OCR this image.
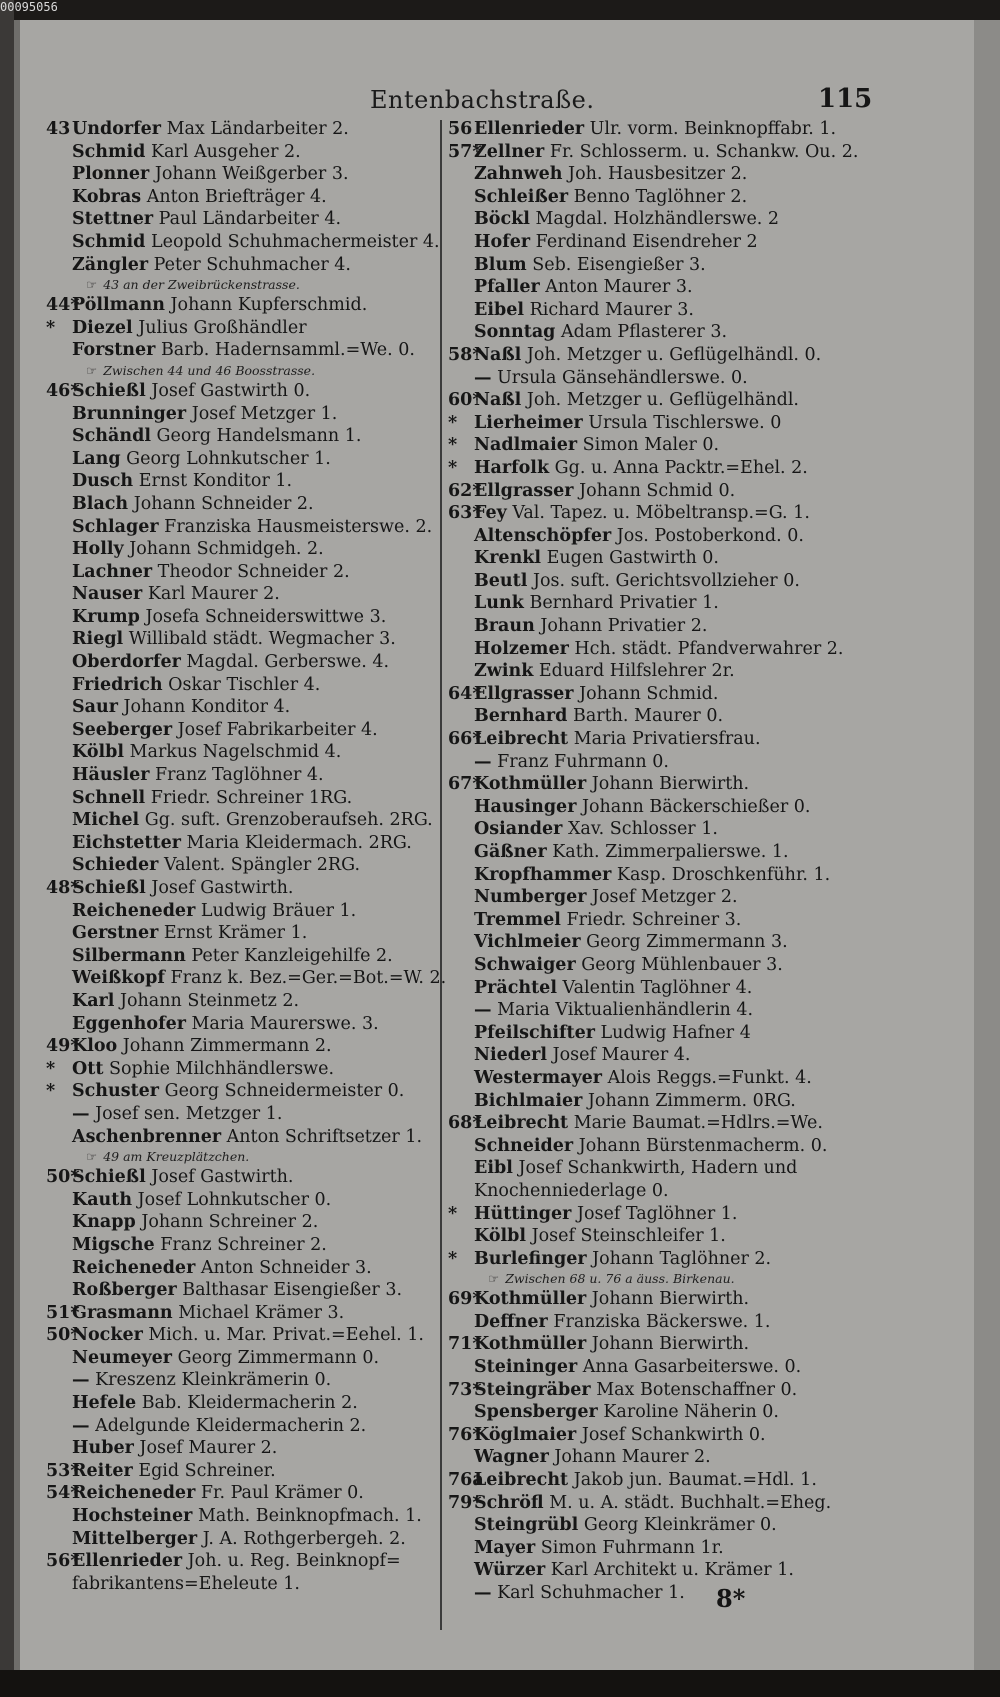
00095056
Entenbachstraße.	115
43Undorfer Max Ländarbeiter 2.
Schmid Karl Ausgeher 2.
Plonner Johann Weißgerber 3.
Kobras Anton Briefträger 4.
Stettner Paul Ländarbeiter 4.
Schmid Leopold Schuhmachermeister 4.
Zängler Peter Schuhmacher 4.
☞ 43 an der Zweibrückenstrasse.
44*Pöllmann Johann Kupferschmid.
* Diezel Julius Großhändler
Forstner Barb. Hadernsamml.=We. 0.
☞ Zwischen 44 und 46 Boosstrasse.
46*Schießl Josef Gastwirth 0.
Brunninger Josef Metzger 1.
Schändl Georg Handelsmann 1.
Lang Georg Lohnkutscher 1.
Dusch Ernst Konditor 1.
Blach Johann Schneider 2.
Schlager Franziska Hausmeisterswe. 2.
Holly Johann Schmidgeh. 2.
Lachner Theodor Schneider 2.
Nauser Karl Maurer 2.
Krump Josefa Schneiderswittwe 3.
Riegl Willibald städt. Wegmacher 3.
Oberdorfer Magdal. Gerberswe. 4.
Friedrich Oskar Tischler 4.
Saur Johann Konditor 4.
Seeberger Josef Fabrikarbeiter 4.
Kölbl Markus Nagelschmid 4.
Häusler Franz Taglöhner 4.
Schnell Friedr. Schreiner 1RG.
Michel Gg. suft. Grenzoberaufseh. 2RG.
Eichstetter Maria Kleidermach. 2RG.
Schieder Valent. Spängler 2RG.
48*Schießl Josef Gastwirth.
Reicheneder Ludwig Bräuer 1.
Gerstner Ernst Krämer 1.
Silbermann Peter Kanzleigehilfe 2.
Weißkopf Franz k. Bez.=Ger.=Bot.=W. 2.
Karl Johann Steinmetz 2.
Eggenhofer Maria Maurerswe. 3.
49*Kloo Johann Zimmermann 2.
* Ott Sophie Milchhändlerswe.
* Schuster Georg Schneidermeister 0.
— Josef sen. Metzger 1.
Aschenbrenner Anton Schriftsetzer 1.
☞ 49 am Kreuzplätzchen.
50*Schießl Josef Gastwirth.
Kauth Josef Lohnkutscher 0.
Knapp Johann Schreiner 2.
Migsche Franz Schreiner 2.
Reicheneder Anton Schneider 3.
Roßberger Balthasar Eisengießer 3.
51*Grasmann Michael Krämer 3.
50*Nocker Mich. u. Mar. Privat.=Eehel. 1.
Neumeyer Georg Zimmermann 0.
— Kreszenz Kleinkrämerin 0.
Hefele Bab. Kleidermacherin 2.
— Adelgunde Kleidermacherin 2.
Huber Josef Maurer 2.
53*Reiter Egid Schreiner.
54*Reicheneder Fr. Paul Krämer 0.
Hochsteiner Math. Beinknopfmach. 1.
Mittelberger J. A. Rothgerbergeh. 2.
56*Ellenrieder Joh. u. Reg. Beinknopf=
fabrikantens=Eheleute 1.
56Ellenrieder Ulr. vorm. Beinknopffabr. 1.
57*Zellner Fr. Schlosserm. u. Schankw. Ou. 2.
Zahnweh Joh. Hausbesitzer 2.
Schleißer Benno Taglöhner 2.
Böckl Magdal. Holzhändlerswe. 2
Hofer Ferdinand Eisendreher 2
Blum Seb. Eisengießer 3.
Pfaller Anton Maurer 3.
Eibel Richard Maurer 3.
Sonntag Adam Pflasterer 3.
58*Naßl Joh. Metzger u. Geflügelhändl. 0.
— Ursula Gänsehändlerswe. 0.
60*Naßl Joh. Metzger u. Geflügelhändl.
* Lierheimer Ursula Tischlerswe. 0
* Nadlmaier Simon Maler 0.
* Harfolk Gg. u. Anna Packtr.=Ehel. 2.
62*Ellgrasser Johann Schmid 0.
63*Fey Val. Tapez. u. Möbeltransp.=G. 1.
Altenschöpfer Jos. Postoberkond. 0.
Krenkl Eugen Gastwirth 0.
Beutl Jos. suft. Gerichtsvollzieher 0.
Lunk Bernhard Privatier 1.
Braun Johann Privatier 2.
Holzemer Hch. städt. Pfandverwahrer 2.
Zwink Eduard Hilfslehrer 2r.
64*Ellgrasser Johann Schmid.
Bernhard Barth. Maurer 0.
66*Leibrecht Maria Privatiersfrau.
— Franz Fuhrmann 0.
67*Kothmüller Johann Bierwirth.
Hausinger Johann Bäckerschießer 0.
Osiander Xav. Schlosser 1.
Gäßner Kath. Zimmerpalierswe. 1.
Kropfhammer Kasp. Droschkenführ. 1.
Numberger Josef Metzger 2.
Tremmel Friedr. Schreiner 3.
Vichlmeier Georg Zimmermann 3.
Schwaiger Georg Mühlenbauer 3.
Prächtel Valentin Taglöhner 4.
— Maria Viktualienhändlerin 4.
Pfeilschifter Ludwig Hafner 4
Niederl Josef Maurer 4.
Westermayer Alois Reggs.=Funkt. 4.
Bichlmaier Johann Zimmerm. 0RG.
68*Leibrecht Marie Baumat.=Hdlrs.=We.
Schneider Johann Bürstenmacherm. 0.
Eibl Josef Schankwirth, Hadern und
Knochenniederlage 0.
* Hüttinger Josef Taglöhner 1.
Kölbl Josef Steinschleifer 1.
* Burlefinger Johann Taglöhner 2.
☞ Zwischen 68 u. 76 a äuss. Birkenau.
69*Kothmüller Johann Bierwirth.
Deffner Franziska Bäckerswe. 1.
71*Kothmüller Johann Bierwirth.
Steininger Anna Gasarbeiterswe. 0.
73*Steingräber Max Botenschaffner 0.
Spensberger Karoline Näherin 0.
76*Köglmaier Josef Schankwirth 0.
Wagner Johann Maurer 2.
76aLeibrecht Jakob jun. Baumat.=Hdl. 1.
79*Schröfl M. u. A. städt. Buchhalt.=Eheg.
Steingrübl Georg Kleinkrämer 0.
Mayer Simon Fuhrmann 1r.
Würzer Karl Architekt u. Krämer 1.
— Karl Schuhmacher 1.	8*
